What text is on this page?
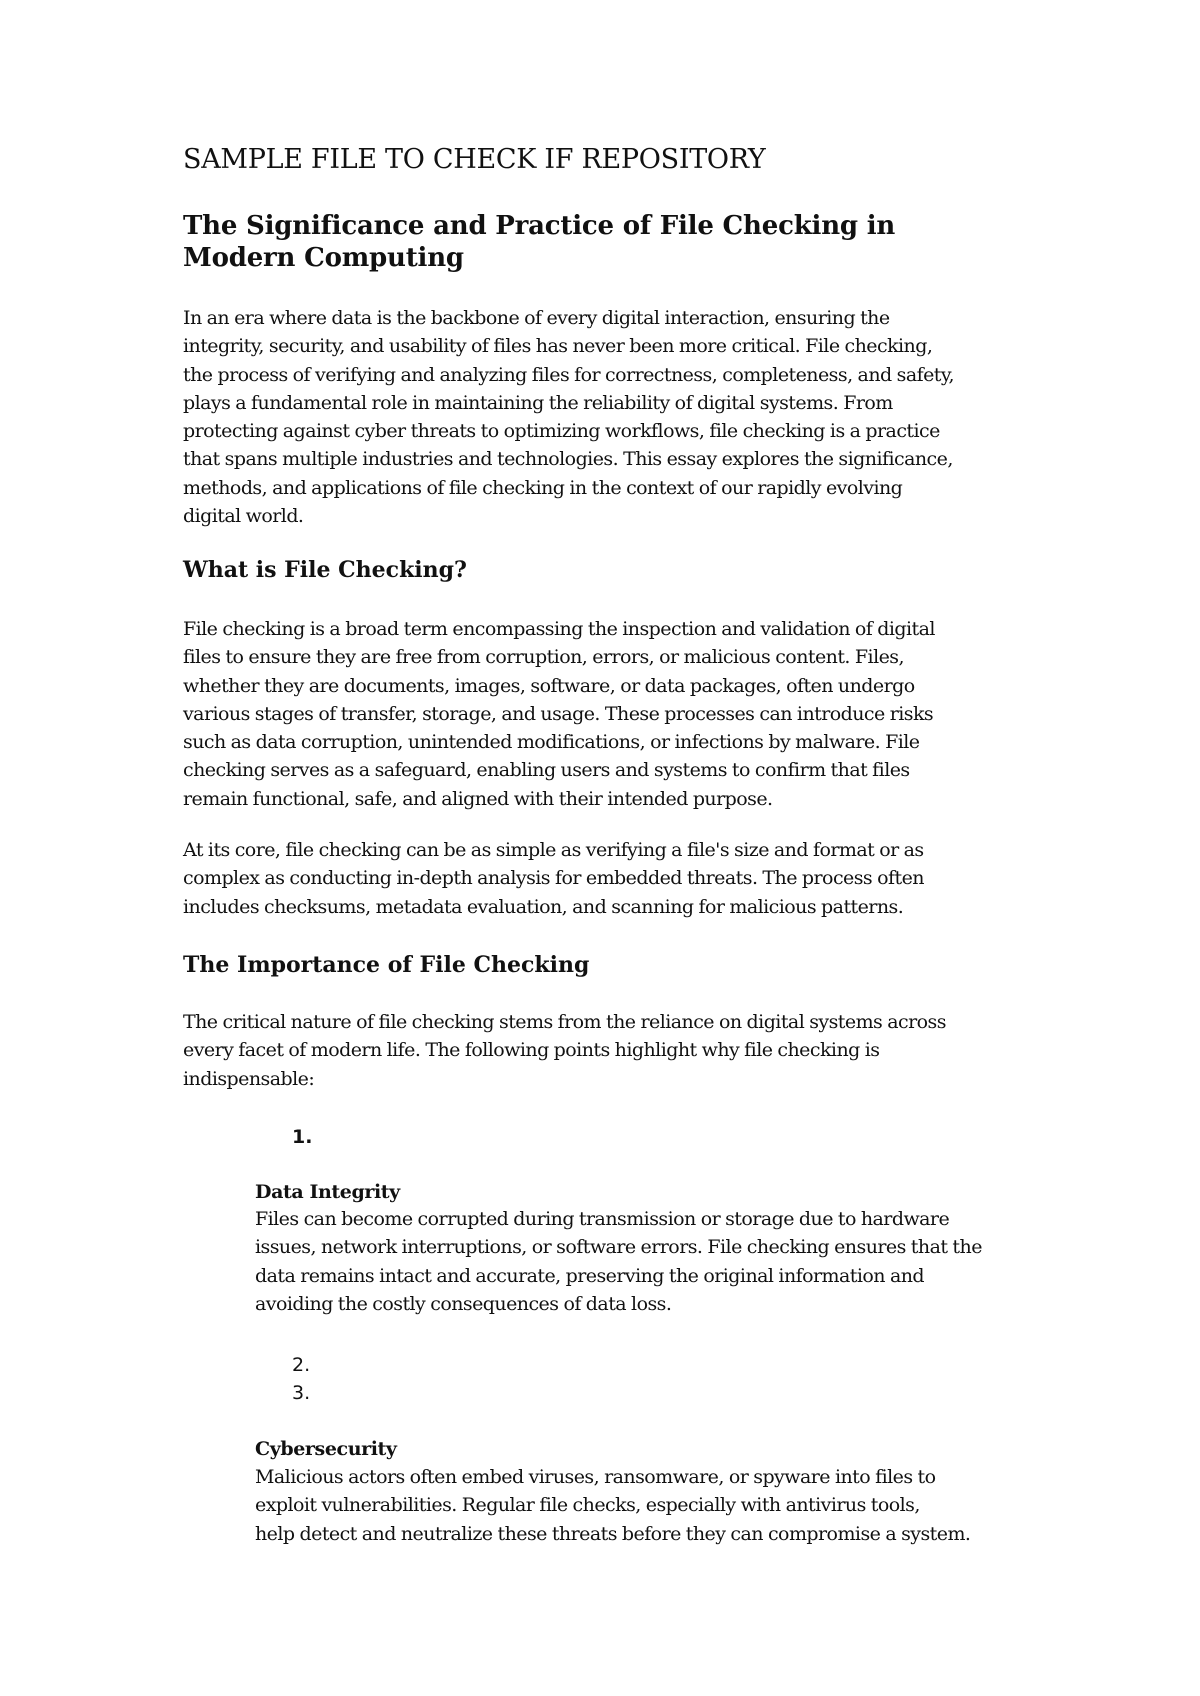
SAMPLE FILE TO CHECK IF REPOSITORY
The Significance and Practice of File Checking in Modern Computing

In an era where data is the backbone of every digital interaction, ensuring the
integrity, security, and usability of files has never been more critical. File checking,
the process of verifying and analyzing files for correctness, completeness, and safety,
plays a fundamental role in maintaining the reliability of digital systems. From
protecting against cyber threats to optimizing workflows, file checking is a practice
that spans multiple industries and technologies. This essay explores the significance,
methods, and applications of file checking in the context of our rapidly evolving
digital world.

What is File Checking?

File checking is a broad term encompassing the inspection and validation of digital
files to ensure they are free from corruption, errors, or malicious content. Files,
whether they are documents, images, software, or data packages, often undergo
various stages of transfer, storage, and usage. These processes can introduce risks
such as data corruption, unintended modifications, or infections by malware. File
checking serves as a safeguard, enabling users and systems to confirm that files
remain functional, safe, and aligned with their intended purpose.

At its core, file checking can be as simple as verifying a file's size and format or as
complex as conducting in-depth analysis for embedded threats. The process often
includes checksums, metadata evaluation, and scanning for malicious patterns.

The Importance of File Checking

The critical nature of file checking stems from the reliance on digital systems across
every facet of modern life. The following points highlight why file checking is
indispensable:

1.
Data Integrity

Files can become corrupted during transmission or storage due to hardware
issues, network interruptions, or software errors. File checking ensures that the
data remains intact and accurate, preserving the original information and
avoiding the costly consequences of data loss.

2.
3.
Cybersecurity

Malicious actors often embed viruses, ransomware, or spyware into files to
exploit vulnerabilities. Regular file checks, especially with antivirus tools,
help detect and neutralize these threats before they can compromise a system.
